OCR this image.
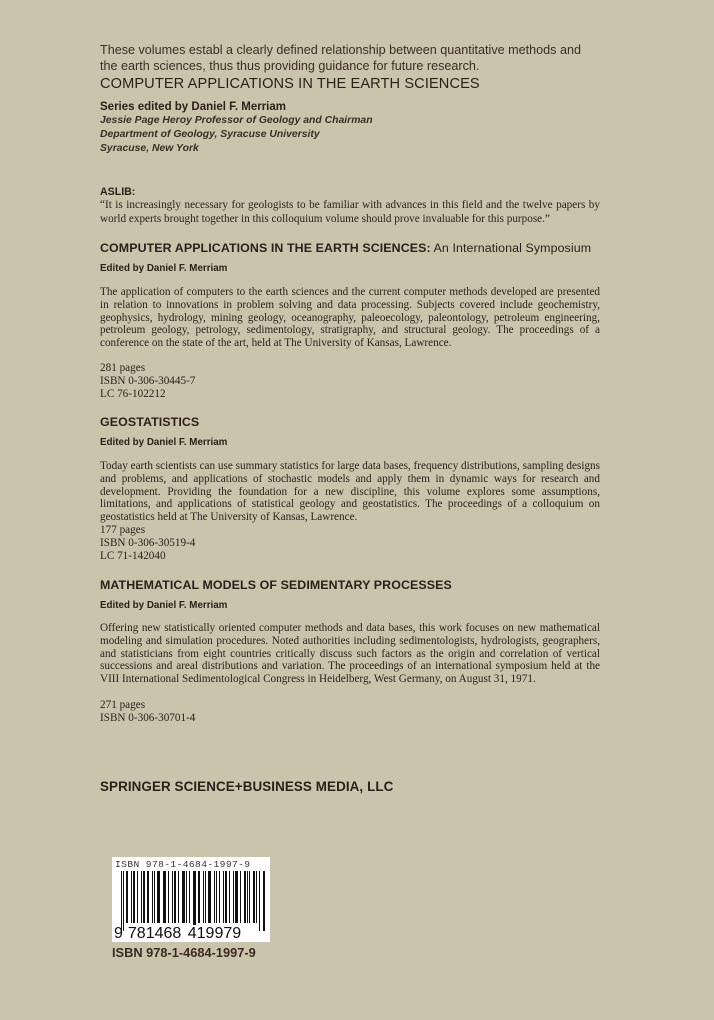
These volumes establ a clearly defined relationship between quantitative methods and
the earth sciences, thus thus providing guidance for future research.
COMPUTER APPLICATIONS IN THE EARTH SCIENCES
Series edited by Daniel F. Merriam
Jessie Page Heroy Professor of Geology and Chairman
Department of Geology, Syracuse University
Syracuse, New York
ASLIB:
“It is increasingly necessary for geologists to be familiar with advances in this field and the twelve papers by world experts brought together in this colloquium volume should prove invaluable for this purpose.”
COMPUTER APPLICATIONS IN THE EARTH SCIENCES: An International Symposium
Edited by Daniel F. Merriam
The application of computers to the earth sciences and the current computer methods developed are presented in relation to innovations in problem solving and data processing. Subjects covered include geochemistry, geophysics, hydrology, mining geology, oceanography, paleoecology, paleontology, petroleum engineering, petroleum geology, petrology, sedimentology, stratigraphy, and structural geology. The proceedings of a conference on the state of the art, held at The University of Kansas, Lawrence.
281 pages
ISBN 0-306-30445-7
LC 76-102212
GEOSTATISTICS
Edited by Daniel F. Merriam
Today earth scientists can use summary statistics for large data bases, frequency distributions, sampling designs and problems, and applications of stochastic models and apply them in dynamic ways for research and development. Providing the foundation for a new discipline, this volume explores some assumptions, limitations, and applications of statistical geology and geostatistics. The proceedings of a colloquium on geostatistics held at The University of Kansas, Lawrence.
177 pages
ISBN 0-306-30519-4
LC 71-142040
MATHEMATICAL MODELS OF SEDIMENTARY PROCESSES
Edited by Daniel F. Merriam
Offering new statistically oriented computer methods and data bases, this work focuses on new mathematical modeling and simulation procedures. Noted authorities including sedimentologists, hydrologists, geographers, and statisticians from eight countries critically discuss such factors as the origin and correlation of vertical successions and areal distributions and variation. The proceedings of an international symposium held at the VIII International Sedimentological Congress in Heidelberg, West Germany, on August 31, 1971.
271 pages
ISBN 0-306-30701-4
SPRINGER SCIENCE+BUSINESS MEDIA, LLC
ISBN 978-1-4684-1997-9
9 781468 419979
ISBN 978-1-4684-1997-9
